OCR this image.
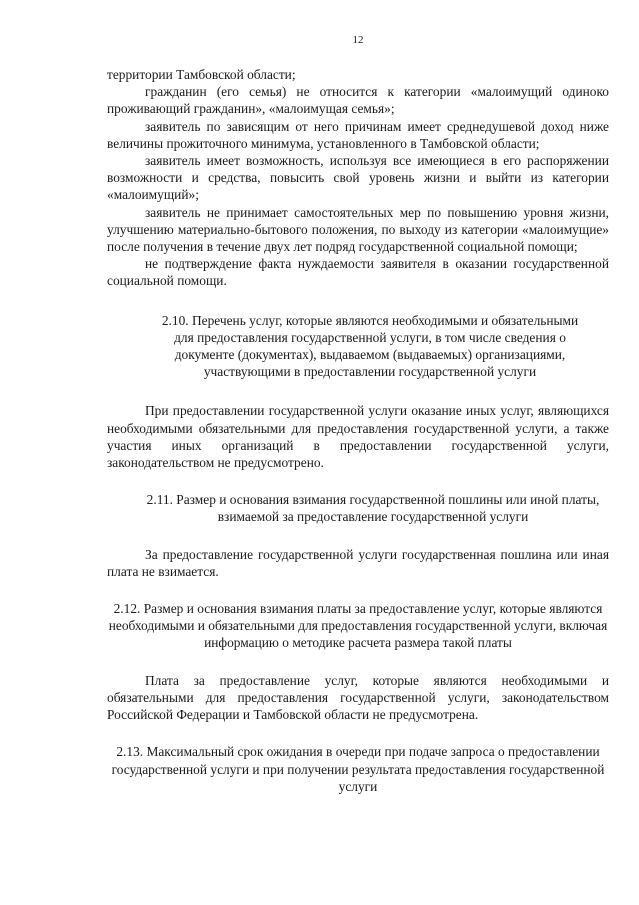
12

территории Тамбовской области;

гражданин (его семья) не относится к категории «малоимущий одиноко проживающий гражданин», «малоимущая семья»;

заявитель по зависящим от него причинам имеет среднедушевой доход ниже величины прожиточного минимума, установленного в Тамбовской области;

заявитель имеет возможность, используя все имеющиеся в его распоряжении возможности и средства, повысить свой уровень жизни и выйти из категории «малоимущий»;

заявитель не принимает самостоятельных мер по повышению уровня жизни, улучшению материально-бытового положения, по выходу из категории «малоимущие» после получения в течение двух лет подряд государственной социальной помощи;

не подтверждение факта нуждаемости заявителя в оказании государственной социальной помощи.

2.10. Перечень услуг, которые являются необходимыми и обязательными для предоставления государственной услуги, в том числе сведения о документе (документах), выдаваемом (выдаваемых) организациями, участвующими в предоставлении государственной услуги

При предоставлении государственной услуги оказание иных услуг, являющихся необходимыми обязательными для предоставления государственной услуги, а также участия иных организаций в предоставлении государственной услуги, законодательством не предусмотрено.

2.11. Размер и основания взимания государственной пошлины или иной платы, взимаемой за предоставление государственной услуги

За предоставление государственной услуги государственная пошлина или иная плата не взимается.

2.12. Размер и основания взимания платы за предоставление услуг, которые являются необходимыми и обязательными для предоставления государственной услуги, включая информацию о методике расчета размера такой платы

Плата за предоставление услуг, которые являются необходимыми и обязательными для предоставления государственной услуги, законодательством Российской Федерации и Тамбовской области не предусмотрена.

2.13. Максимальный срок ожидания в очереди при подаче запроса о предоставлении государственной услуги и при получении результата предоставления государственной услуги
